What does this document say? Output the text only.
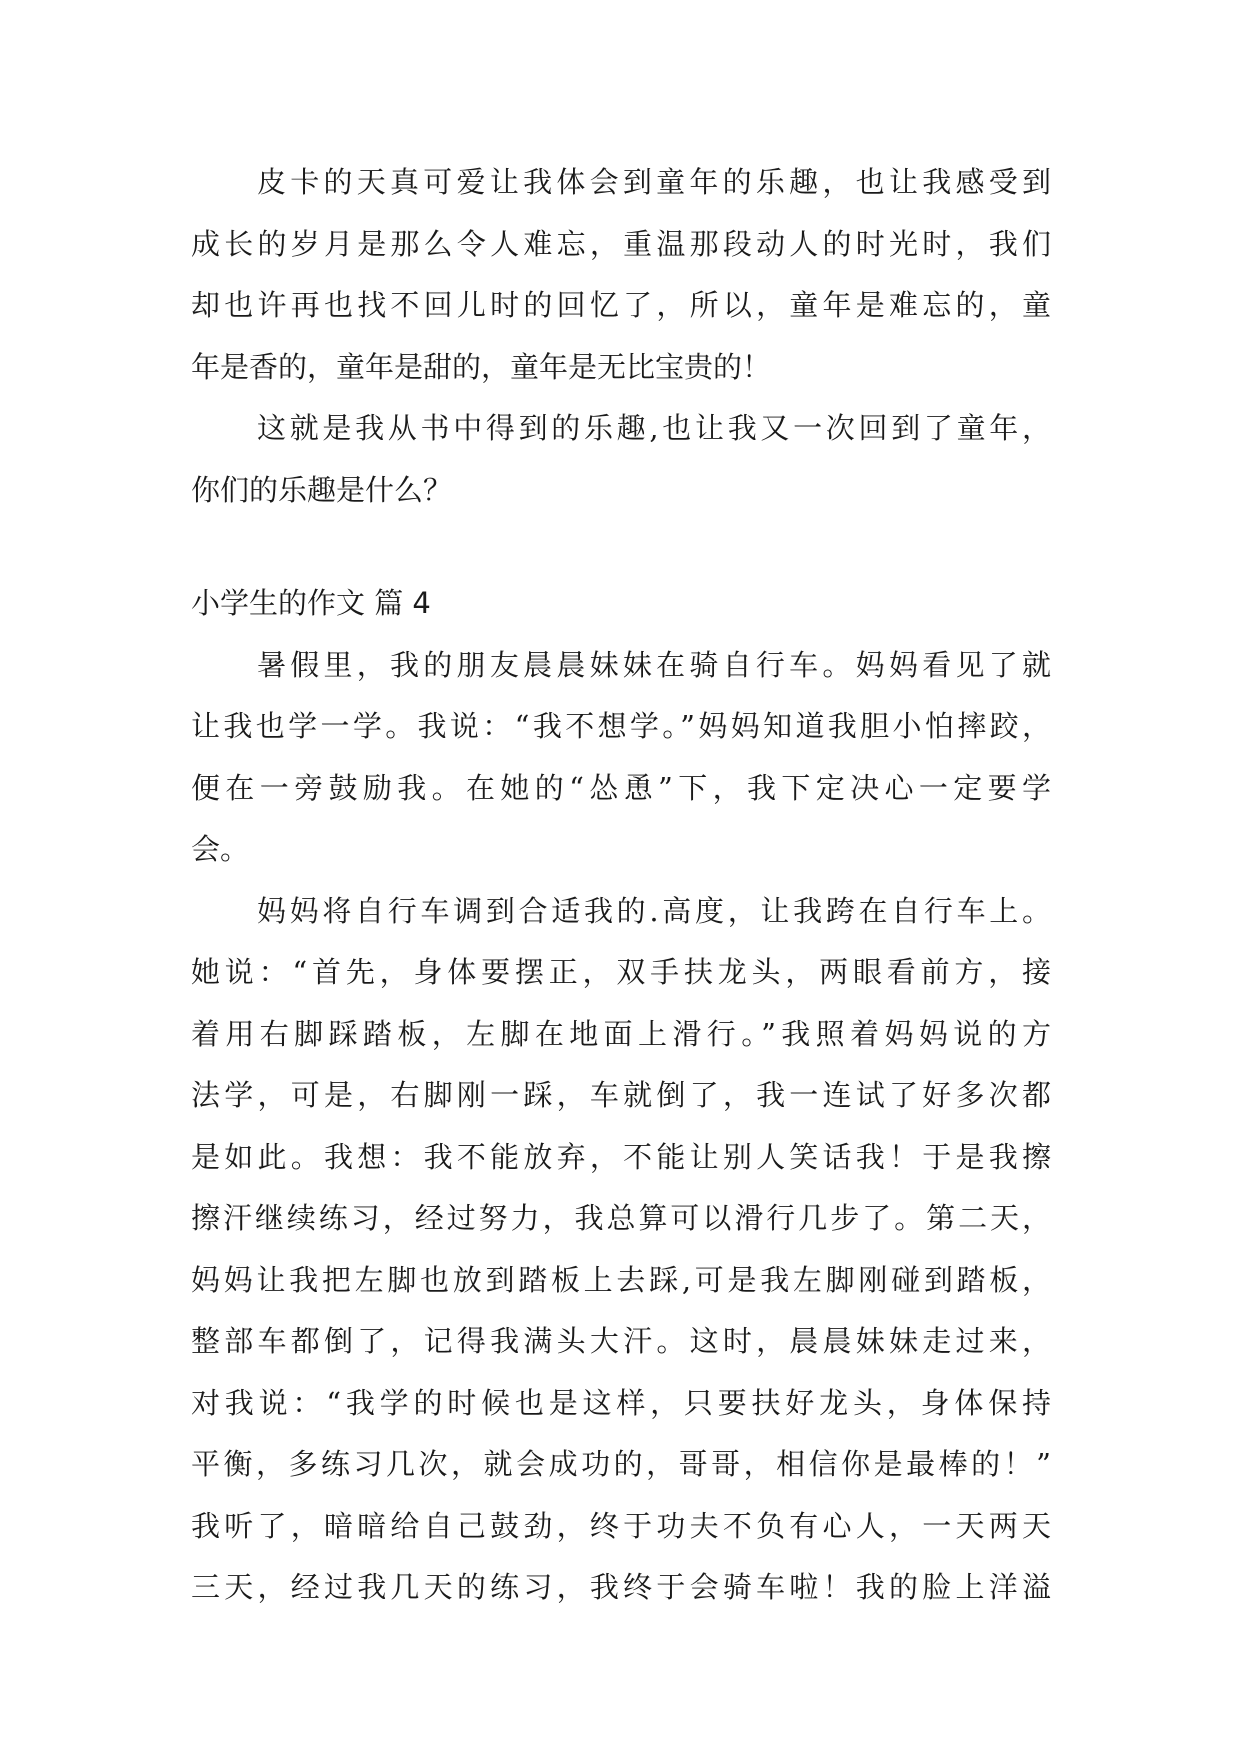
皮卡的天真可爱让我体会到童年的乐趣，也让我感受到
成长的岁月是那么令人难忘，重温那段动人的时光时，我们
却也许再也找不回儿时的回忆了，所以，童年是难忘的，童
年是香的，童年是甜的，童年是无比宝贵的！
这就是我从书中得到的乐趣,也让我又一次回到了童年，
你们的乐趣是什么？
小学生的作文 篇 4
暑假里，我的朋友晨晨妹妹在骑自行车。妈妈看见了就
让我也学一学。我说：“我不想学。”妈妈知道我胆小怕摔跤，
便在一旁鼓励我。在她的“怂恿”下，我下定决心一定要学
会。
妈妈将自行车调到合适我的.高度，让我跨在自行车上。
她说：“首先，身体要摆正，双手扶龙头，两眼看前方，接
着用右脚踩踏板，左脚在地面上滑行。”我照着妈妈说的方
法学，可是，右脚刚一踩，车就倒了，我一连试了好多次都
是如此。我想：我不能放弃，不能让别人笑话我！于是我擦
擦汗继续练习，经过努力，我总算可以滑行几步了。第二天，
妈妈让我把左脚也放到踏板上去踩,可是我左脚刚碰到踏板，
整部车都倒了，记得我满头大汗。这时，晨晨妹妹走过来，
对我说：“我学的时候也是这样，只要扶好龙头，身体保持
平衡，多练习几次，就会成功的，哥哥，相信你是最棒的！”
我听了，暗暗给自己鼓劲，终于功夫不负有心人，一天两天
三天，经过我几天的练习，我终于会骑车啦！我的脸上洋溢
